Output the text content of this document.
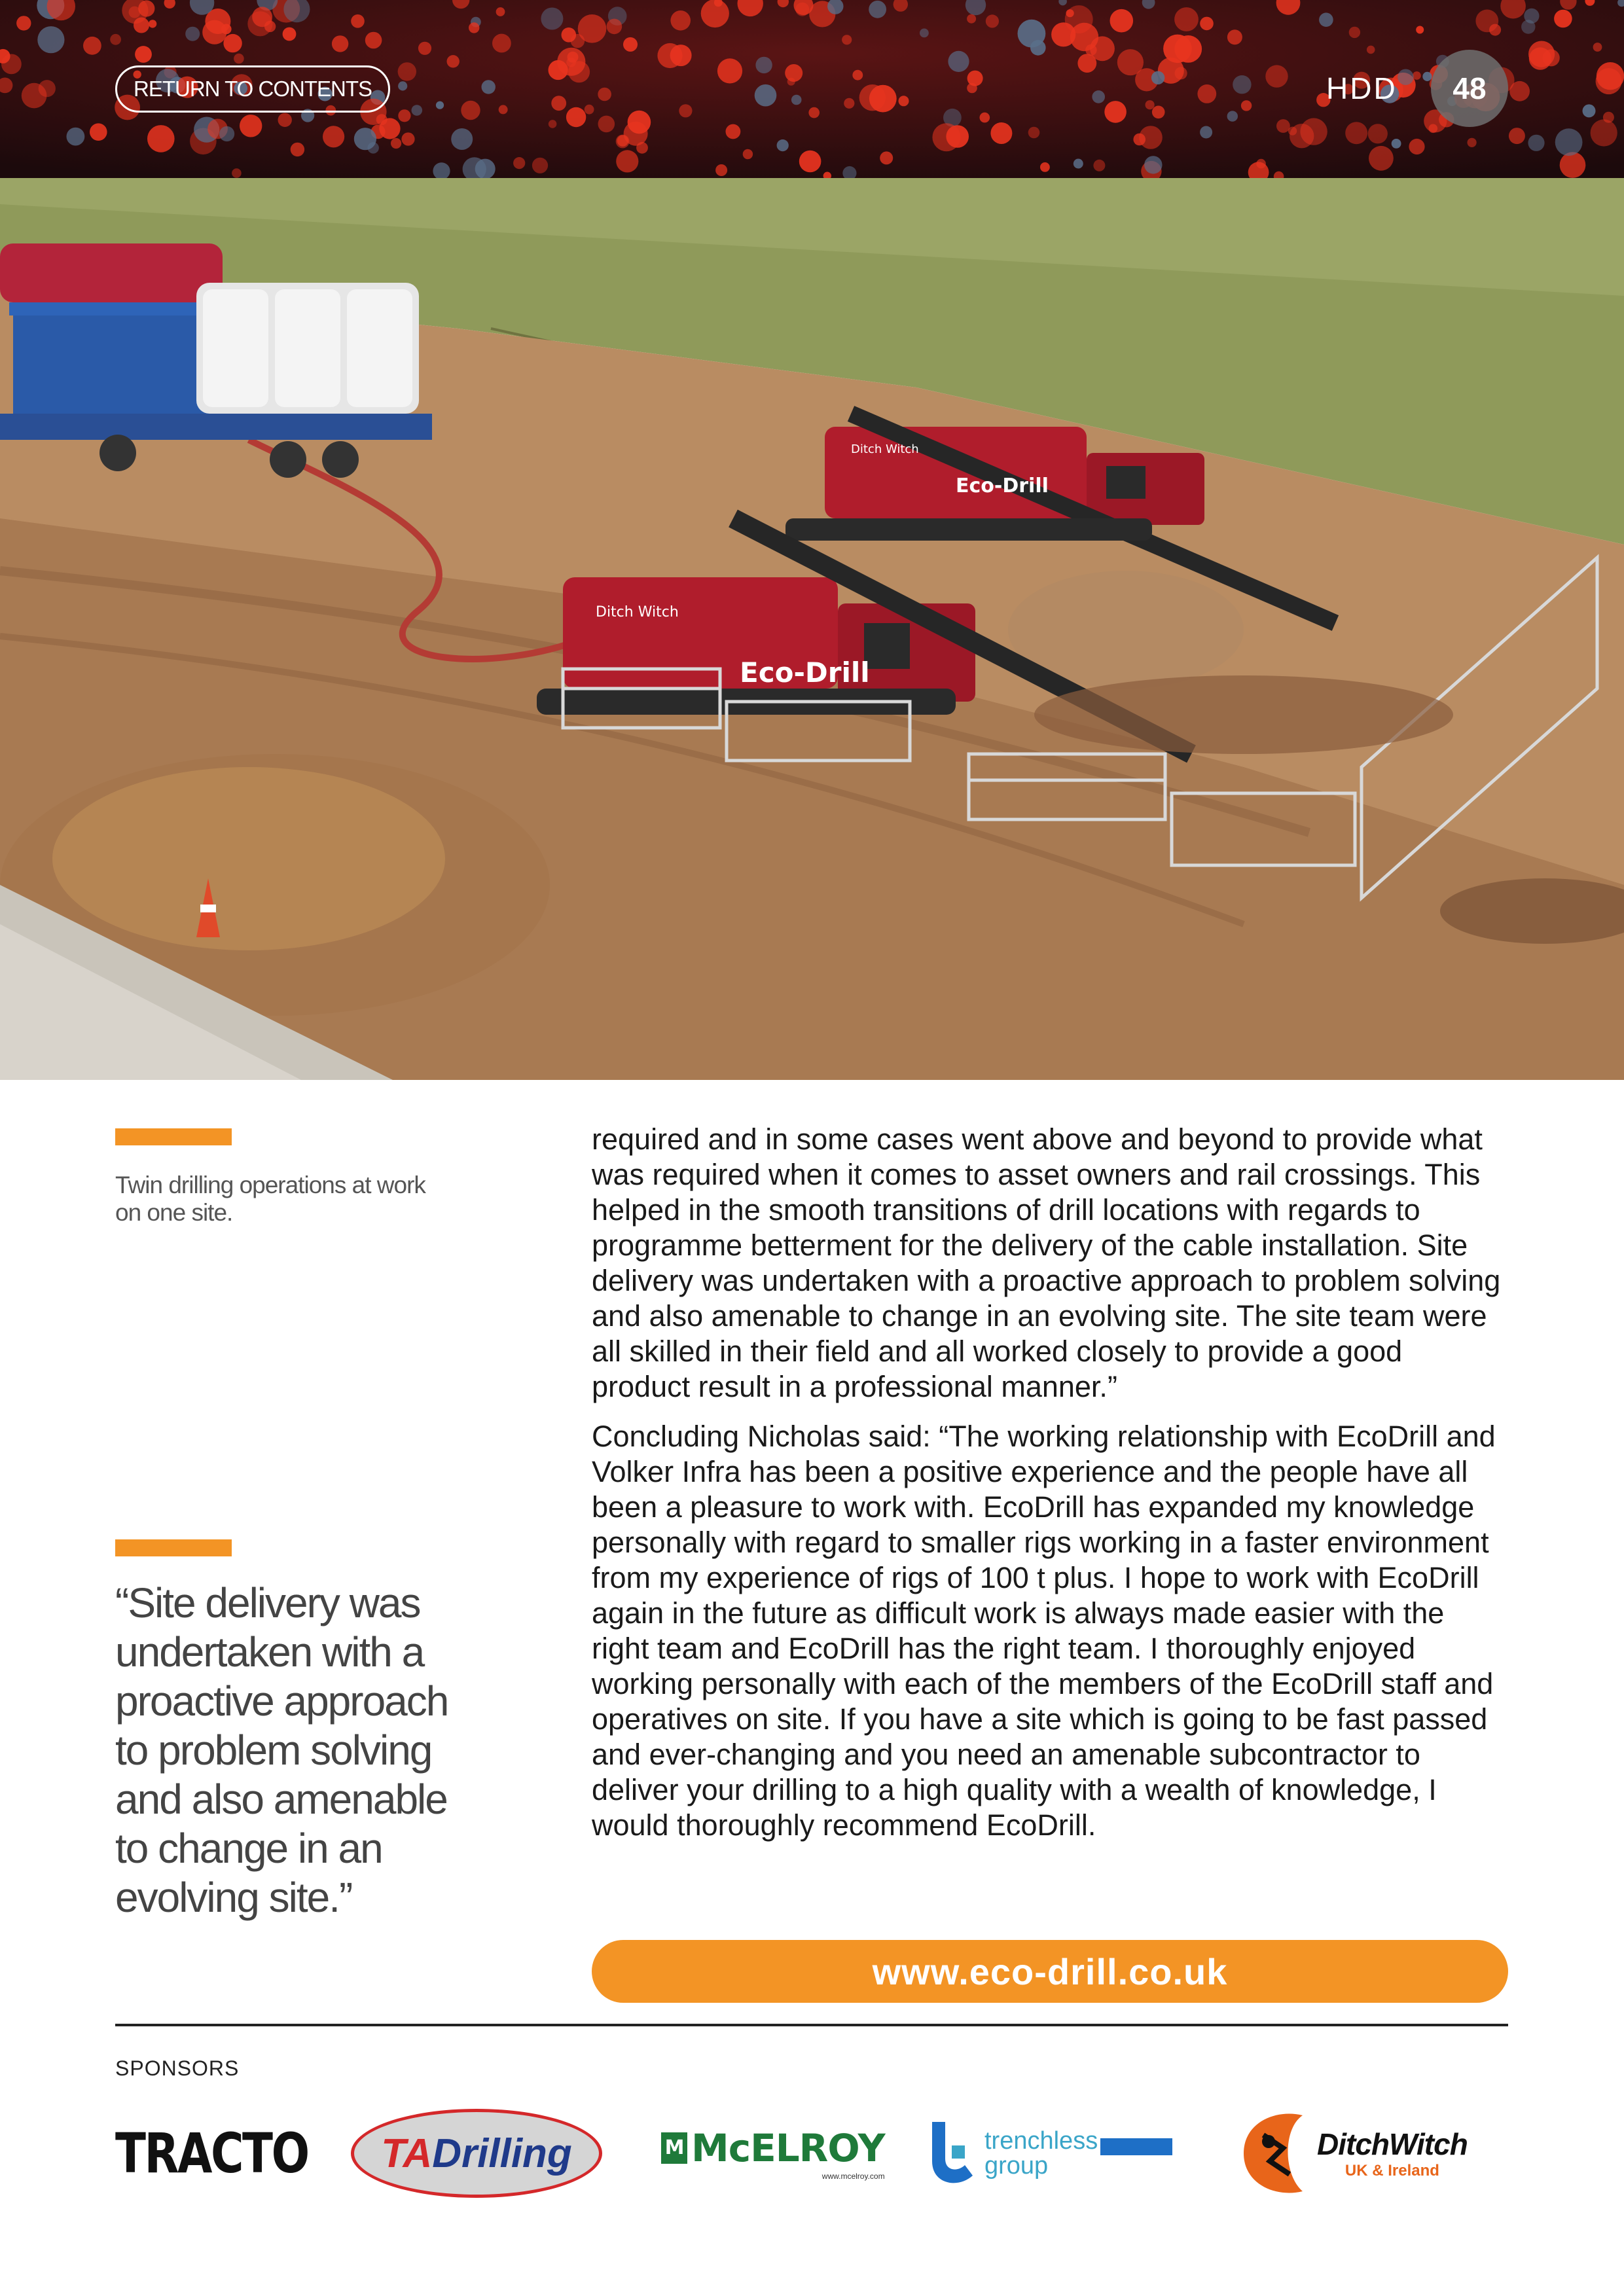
RETURN TO CONTENTS	HDD	48
Eco-Drill
Ditch Witch
Eco-Drill
Ditch Witch
Twin drilling operations at work on one site.
“Site delivery was undertaken with a proactive approach to problem solving and also amenable to change in an evolving site.”

required and in some cases went above and beyond to provide what was required when it comes to asset owners and rail crossings. This helped in the smooth transitions of drill locations with regards to programme betterment for the delivery of the cable installation. Site delivery was undertaken with a proactive approach to problem solving and also amenable to change in an evolving site. The site team were all skilled in their field and all worked closely to provide a good product result in a professional manner.”

Concluding Nicholas said: “The working relationship with EcoDrill and Volker Infra has been a positive experience and the people have all been a pleasure to work with. EcoDrill has expanded my knowledge personally with regard to smaller rigs working in a faster environment from my experience of rigs of 100 t plus. I hope to work with EcoDrill again in the future as difficult work is always made easier with the right team and EcoDrill has the right team. I thoroughly enjoyed working personally with each of the members of the EcoDrill staff and operatives on site. If you have a site which is going to be fast passed and ever-changing and you need an amenable subcontractor to deliver your drilling to a high quality with a wealth of knowledge, I would thoroughly recommend EcoDrill.

www.eco-drill.co.uk
SPONSORS
TRACTO TADrilling	M McELROY
www.mcelroy.com
trenchless
group
DitchWitch
UK & Ireland
